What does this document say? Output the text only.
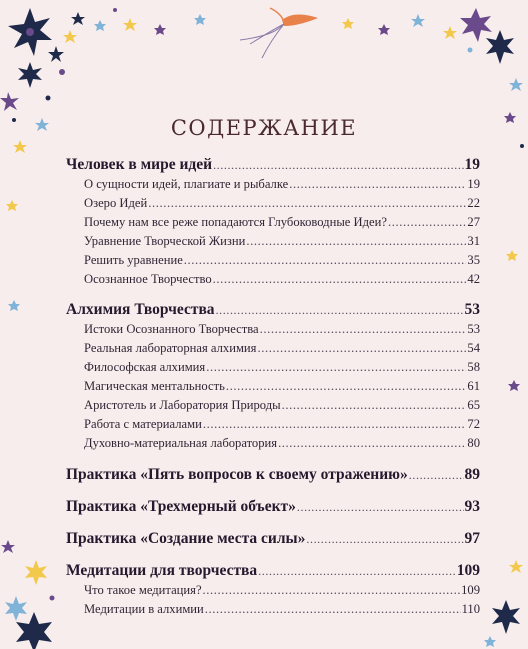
СОДЕРЖАНИЕ
Человек в мире идей .....	19
О сущности идей, плагиате и рыбалке .....	19
Озеро Идей .....	22
Почему нам все реже попадаются Глубоководные Идеи? .....	27
Уравнение Творческой Жизни .....	31
Решить уравнение .....	35
Осознанное Творчество .....	42
Алхимия Творчества .....	53
Истоки Осознанного Творчества .....	53
Реальная лабораторная алхимия .....	54
Философская алхимия .....	58
Магическая ментальность .....	61
Аристотель и Лаборатория Природы .....	65
Работа с материалами .....	72
Духовно-материальная лаборатория .....	80
Практика «Пять вопросов к своему отражению» .....	89
Практика «Трехмерный объект» .....	93
Практика «Создание места силы» .....	97
Медитации для творчества .....	109
Что такое медитация? .....	109
Медитации в алхимии .....	110
